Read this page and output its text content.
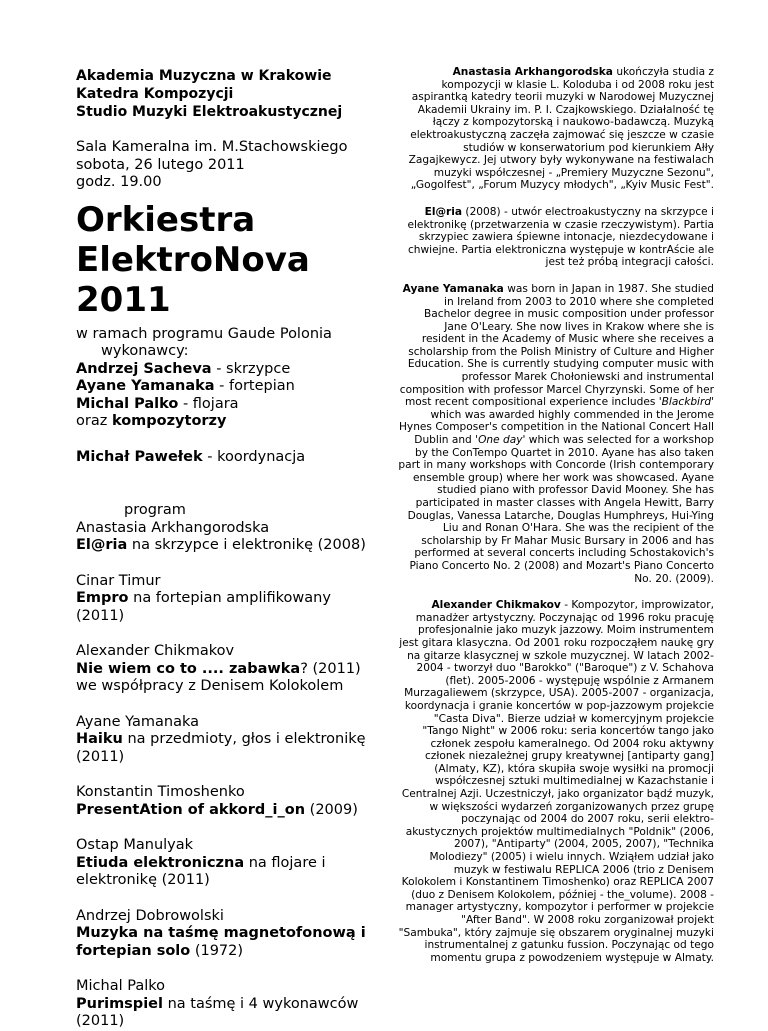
Akademia Muzyczna w Krakowie

Katedra Kompozycji

Studio Muzyki Elektroakustycznej

Sala Kameralna im. M.Stachowskiego

sobota, 26 lutego 2011

godz. 19.00

Orkiestra
ElektroNova
2011

w ramach programu Gaude Polonia

wykonawcy:

Andrzej Sacheva - skrzypce

Ayane Yamanaka - fortepian

Michal Palko - flojara

oraz kompozytorzy

Michał Pawełek - koordynacja

program

Anastasia Arkhangorodska

El@ria na skrzypce i elektronikę (2008)

Cinar Timur

Empro na fortepian amplifikowany (2011)

Alexander Chikmakov

Nie wiem co to .... zabawka? (2011)

we współpracy z Denisem Kolokolem

Ayane Yamanaka

Haiku na przedmioty, głos i elektronikę (2011)

Konstantin Timoshenko

PresentAtion of akkord_i_on (2009)

Ostap Manulyak

Etiuda elektroniczna na flojare i elektronikę (2011)

Andrzej Dobrowolski

Muzyka na taśmę magnetofonową i fortepian solo (1972)

Michal Palko

Purimspiel na taśmę i 4 wykonawców (2011)

Anastasia Arkhangorodska ukończyła studia z kompozycji w klasie L. Koloduba i od 2008 roku jest aspirantką katedry teorii muzyki w Narodowej Muzycznej Akademii Ukrainy im. P. I. Czajkowskiego. Działalność tę łączy z kompozytorską i naukowo-badawczą. Muzyką elektroakustyczną zaczęła zajmować się jeszcze w czasie studiów w konserwatorium pod kierunkiem Ałły Zagajkewycz. Jej utwory były wykonywane na festiwalach muzyki współczesnej - „Premiery Muzyczne Sezonu", „Gogolfest", „Forum Muzycy młodych", „Kyiv Music Fest".

El@ria (2008) - utwór electroakustyczny na skrzypce i elektronikę (przetwarzenia w czasie rzeczywistym). Partia skrzypiec zawiera śpiewne intonacje, niezdecydowane i chwiejne. Partia elektroniczna występuje w kontrAście ale jest też próbą integracji całości.

Ayane Yamanaka was born in Japan in 1987. She studied in Ireland from 2003 to 2010 where she completed Bachelor degree in music composition under professor Jane O'Leary. She now lives in Krakow where she is resident in the Academy of Music where she receives a scholarship from the Polish Ministry of Culture and Higher Education. She is currently studying computer music with professor Marek Chołoniewski and instrumental composition with professor Marcel Chyrzynski. Some of her most recent compositional experience includes 'Blackbird' which was awarded highly commended in the Jerome Hynes Composer's competition in the National Concert Hall Dublin and 'One day' which was selected for a workshop by the ConTempo Quartet in 2010. Ayane has also taken part in many workshops with Concorde (Irish contemporary ensemble group) where her work was showcased. Ayane studied piano with professor David Mooney. She has participated in master classes with Angela Hewitt, Barry Douglas, Vanessa Latarche, Douglas Humphreys, Hui-Ying Liu and Ronan O'Hara. She was the recipient of the scholarship by Fr Mahar Music Bursary in 2006 and has performed at several concerts including Schostakovich's Piano Concerto No. 2 (2008) and Mozart's Piano Concerto No. 20. (2009).

Alexander Chikmakov - Kompozytor, improwizator, manadżer artystyczny. Poczynając od 1996 roku pracuję profesjonalnie jako muzyk jazzowy. Moim instrumentem jest gitara klasyczna. Od 2001 roku rozpocząłem naukę gry na gitarze klasycznej w szkole muzycznej. W latach 2002-2004 - tworzył duo "Barokko" ("Baroque") z V. Schahova (flet). 2005-2006 - występuję wspólnie z Armanem Murzagaliewem (skrzypce, USA). 2005-2007 - organizacja, koordynacja i granie koncertów w pop-jazzowym projekcie "Casta Diva". Bierze udział w komercyjnym projekcie "Tango Night" w 2006 roku: seria koncertów tango jako członek zespołu kameralnego. Od 2004 roku aktywny członek niezależnej grupy kreatywnej [antiparty gang] (Almaty, KZ), która skupiła swoje wysiłki na promocji współczesnej sztuki multimedialnej w Kazachstanie i Centralnej Azji. Uczestniczył, jako organizator bądź muzyk, w większości wydarzeń zorganizowanych przez grupę poczynając od 2004 do 2007 roku, serii elektro-akustycznych projektów multimedialnych "Poldnik" (2006, 2007), "Antiparty" (2004, 2005, 2007), "Technika Molodiezy" (2005) i wielu innych. Wziąłem udział jako muzyk w festiwalu REPLICA 2006 (trio z Denisem Kolokolem i Konstantinem Timoshenko) oraz REPLICA 2007 (duo z Denisem Kolokolem, później - the_volume). 2008 - manager artystyczny, kompozytor i performer w projekcie "After Band". W 2008 roku zorganizował projekt "Sambuka", który zajmuje się obszarem oryginalnej muzyki instrumentalnej z gatunku fussion. Poczynając od tego momentu grupa z powodzeniem występuje w Almaty.
